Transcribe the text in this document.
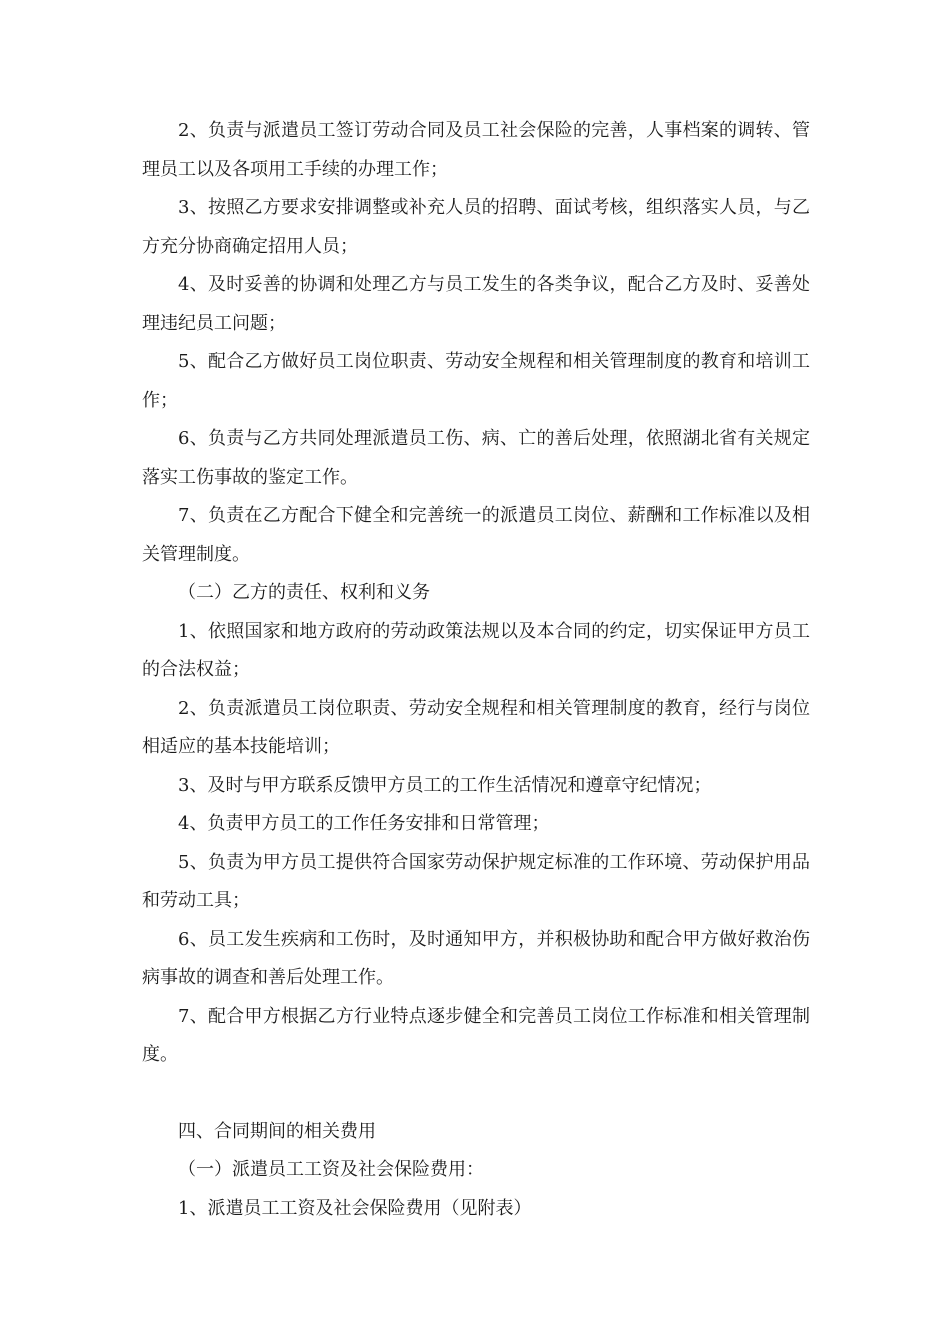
2、负责与派遣员工签订劳动合同及员工社会保险的完善，人事档案的调转、管理员工以及各项用工手续的办理工作；

3、按照乙方要求安排调整或补充人员的招聘、面试考核，组织落实人员，与乙方充分协商确定招用人员；

4、及时妥善的协调和处理乙方与员工发生的各类争议，配合乙方及时、妥善处理违纪员工问题；

5、配合乙方做好员工岗位职责、劳动安全规程和相关管理制度的教育和培训工作；

6、负责与乙方共同处理派遣员工伤、病、亡的善后处理，依照湖北省有关规定落实工伤事故的鉴定工作。

7、负责在乙方配合下健全和完善统一的派遣员工岗位、薪酬和工作标准以及相关管理制度。

（二）乙方的责任、权利和义务

1、依照国家和地方政府的劳动政策法规以及本合同的约定，切实保证甲方员工的合法权益；

2、负责派遣员工岗位职责、劳动安全规程和相关管理制度的教育，经行与岗位相适应的基本技能培训；

3、及时与甲方联系反馈甲方员工的工作生活情况和遵章守纪情况；

4、负责甲方员工的工作任务安排和日常管理；

5、负责为甲方员工提供符合国家劳动保护规定标准的工作环境、劳动保护用品和劳动工具；

6、员工发生疾病和工伤时，及时通知甲方，并积极协助和配合甲方做好救治伤病事故的调查和善后处理工作。

7、配合甲方根据乙方行业特点逐步健全和完善员工岗位工作标准和相关管理制度。

四、合同期间的相关费用

（一）派遣员工工资及社会保险费用：

1、派遣员工工资及社会保险费用（见附表）
